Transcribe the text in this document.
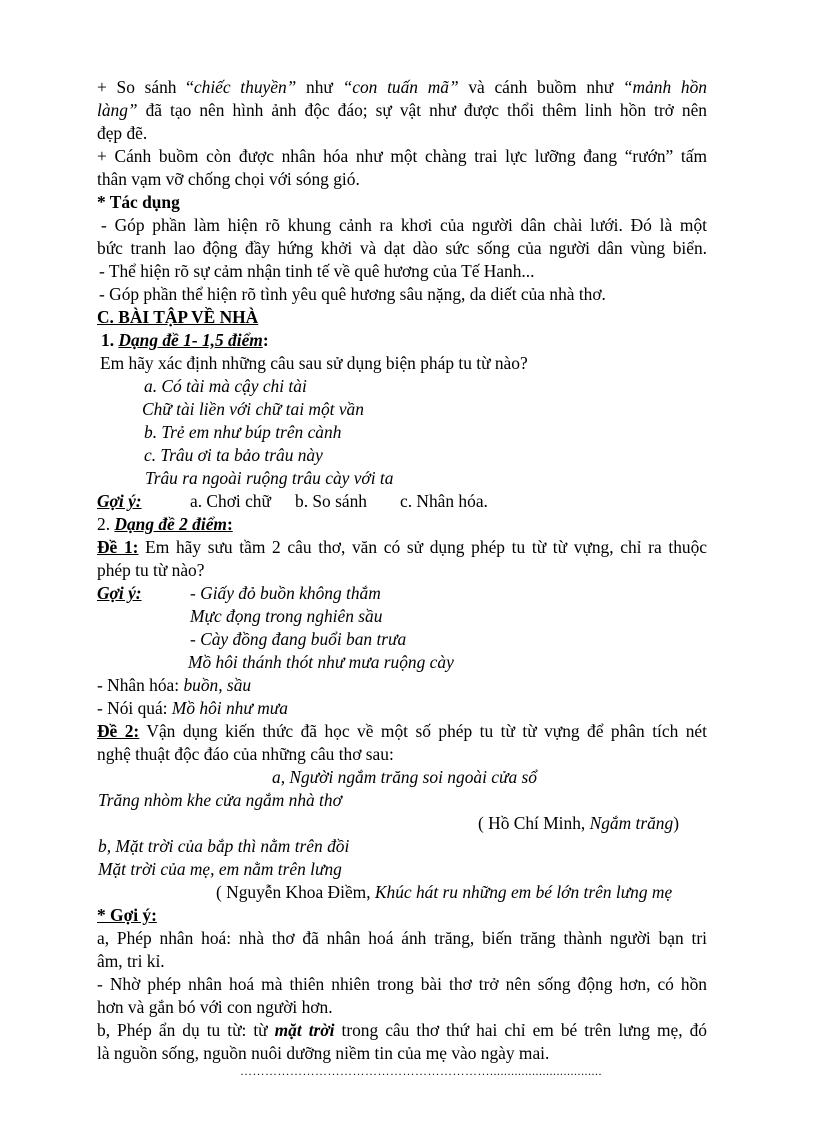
+ So sánh “chiếc thuyền” như “con tuấn mã” và cánh buồm như “mảnh hồn
làng” đã tạo nên hình ảnh độc đáo; sự vật như được thổi thêm linh hồn trở nên
đẹp đẽ.
+ Cánh buồm còn được nhân hóa như một chàng trai lực lưỡng đang “rướn” tấm
thân vạm vỡ chống chọi với sóng gió.
* Tác dụng
- Góp phần làm hiện rõ khung cảnh ra khơi của người dân chài lưới. Đó là một
bức tranh lao động đầy hứng khởi và dạt dào sức sống của người dân vùng biển.
- Thể hiện rõ sự cảm nhận tinh tế về quê hương của Tế Hanh...
- Góp phần thể hiện rõ tình yêu quê hương sâu nặng, da diết của nhà thơ.
C. BÀI TẬP VỀ NHÀ
1. Dạng đề 1- 1,5 điểm:
Em hãy xác định những câu sau sử dụng biện pháp tu từ nào?
a. Có tài mà cậy chi tài
Chữ tài liền với chữ tai một vần
b. Trẻ em như búp trên cành
c. Trâu ơi ta bảo trâu này
Trâu ra ngoài ruộng trâu cày với ta
Gợi ý:	a. Chơi chữ b. So sánh c. Nhân hóa.
2. Dạng đề 2 điểm:
Đề 1: Em hãy sưu tầm 2 câu thơ, văn có sử dụng phép tu từ từ vựng, chỉ ra thuộc
phép tu từ nào?
Gợi ý:	- Giấy đỏ buồn không thắm
Mực đọng trong nghiên sầu
- Cày đồng đang buổi ban trưa
Mồ hôi thánh thót như mưa ruộng cày
- Nhân hóa: buồn, sầu
- Nói quá: Mồ hôi như mưa
Đề 2: Vận dụng kiến thức đã học về một số phép tu từ từ vựng để phân tích nét
nghệ thuật độc đáo của những câu thơ sau:
a, Người ngắm trăng soi ngoài cửa sổ
Trăng nhòm khe cửa ngắm nhà thơ
( Hồ Chí Minh, Ngắm trăng)
b, Mặt trời của bắp thì nằm trên đồi
Mặt trời của mẹ, em nằm trên lưng
( Nguyễn Khoa Điềm, Khúc hát ru những em bé lớn trên lưng mẹ
* Gợi ý:
a, Phép nhân hoá: nhà thơ đã nhân hoá ánh trăng, biến trăng thành người bạn tri
âm, tri kỉ.
- Nhờ phép nhân hoá mà thiên nhiên trong bài thơ trở nên sống động hơn, có hồn
hơn và gắn bó với con người hơn.
b, Phép ẩn dụ tu từ: từ mặt trời trong câu thơ thứ hai chỉ em bé trên lưng mẹ, đó
là nguồn sống, nguồn nuôi dưỡng niềm tin của mẹ vào ngày mai.
……………………………………………………................................
